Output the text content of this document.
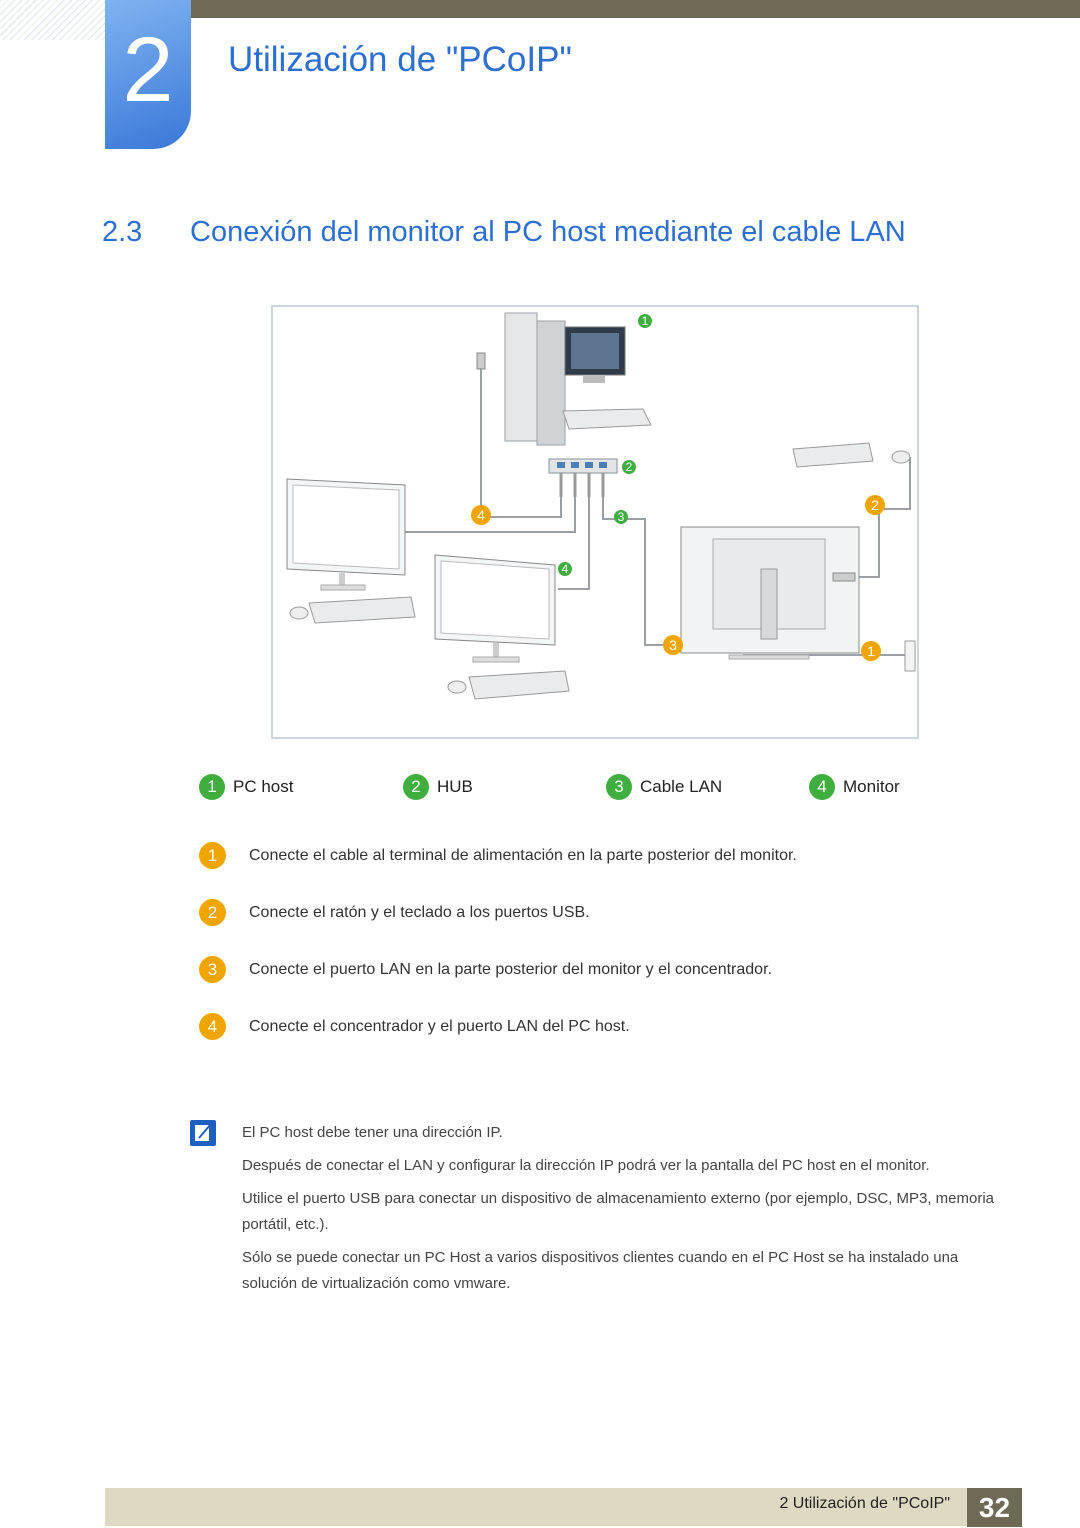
2	Utilización de "PCoIP"
2.3 Conexión del monitor al PC host mediante el cable LAN
1
2
3
4
4
2
3	1
1 PC host	2 HUB	3 Cable LAN	4 Monitor
1	Conecte el cable al terminal de alimentación en la parte posterior del monitor.
2	Conecte el ratón y el teclado a los puertos USB.
3	Conecte el puerto LAN en la parte posterior del monitor y el concentrador.
4	Conecte el concentrador y el puerto LAN del PC host.

El PC host debe tener una dirección IP.

Después de conectar el LAN y configurar la dirección IP podrá ver la pantalla del PC host en el monitor.

Utilice el puerto USB para conectar un dispositivo de almacenamiento externo (por ejemplo, DSC, MP3, memoria portátil, etc.).

Sólo se puede conectar un PC Host a varios dispositivos clientes cuando en el PC Host se ha instalado una solución de virtualización como vmware.

2 Utilización de "PCoIP"	32
